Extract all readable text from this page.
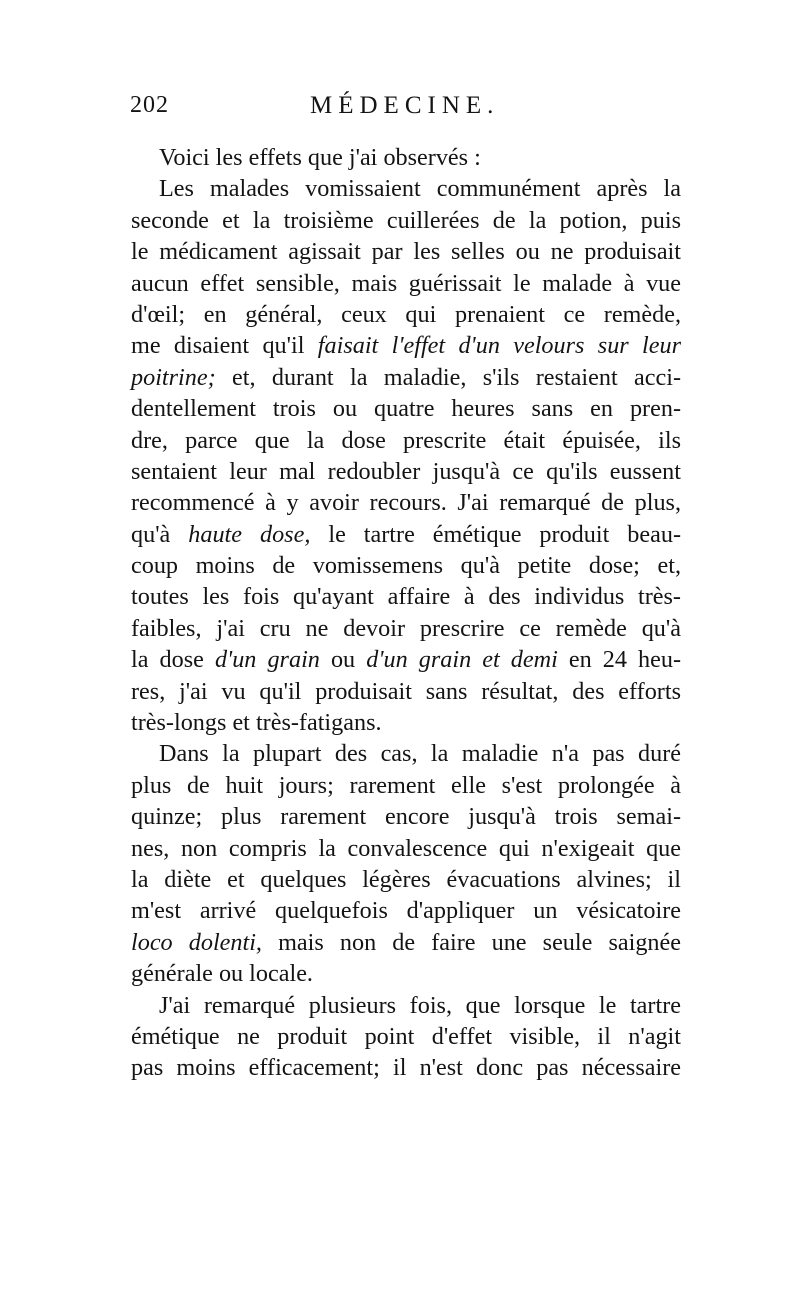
202	MÉDECINE.
Voici les effets que j'ai observés :
Les malades vomissaient communément après la
seconde et la troisième cuillerées de la potion, puis
le médicament agissait par les selles ou ne produisait
aucun effet sensible, mais guérissait le malade à vue
d'œil; en général, ceux qui prenaient ce remède,
me disaient qu'il faisait l'effet d'un velours sur leur
poitrine; et, durant la maladie, s'ils restaient acci-
dentellement trois ou quatre heures sans en pren-
dre, parce que la dose prescrite était épuisée, ils
sentaient leur mal redoubler jusqu'à ce qu'ils eussent
recommencé à y avoir recours. J'ai remarqué de plus,
qu'à haute dose, le tartre émétique produit beau-
coup moins de vomissemens qu'à petite dose; et,
toutes les fois qu'ayant affaire à des individus très-
faibles, j'ai cru ne devoir prescrire ce remède qu'à
la dose d'un grain ou d'un grain et demi en 24 heu-
res, j'ai vu qu'il produisait sans résultat, des efforts
très-longs et très-fatigans.
Dans la plupart des cas, la maladie n'a pas duré
plus de huit jours; rarement elle s'est prolongée à
quinze; plus rarement encore jusqu'à trois semai-
nes, non compris la convalescence qui n'exigeait que
la diète et quelques légères évacuations alvines; il
m'est arrivé quelquefois d'appliquer un vésicatoire
loco dolenti, mais non de faire une seule saignée
générale ou locale.
J'ai remarqué plusieurs fois, que lorsque le tartre
émétique ne produit point d'effet visible, il n'agit
pas moins efficacement; il n'est donc pas nécessaire
